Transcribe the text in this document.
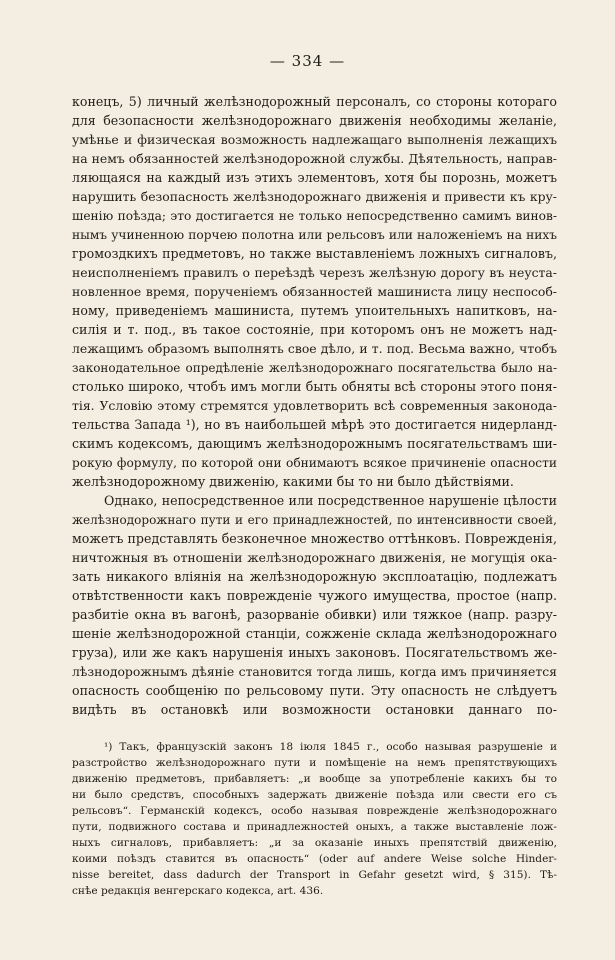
— 334 —
конецъ, 5) личный желѣзнодорожный персоналъ, со стороны котораго
для безопасности желѣзнодорожнаго движенія необходимы желаніе,
умѣнье и физическая возможность надлежащаго выполненія лежащихъ
на немъ обязанностей желѣзнодорожной службы. Дѣятельность, направ-
ляющаяся на каждый изъ этихъ элементовъ, хотя бы порознь, можетъ
нарушить безопасность желѣзнодорожнаго движенія и привести къ кру-
шенію поѣзда; это достигается не только непосредственно самимъ винов-
нымъ учиненною порчею полотна или рельсовъ или наложеніемъ на нихъ
громоздкихъ предметовъ, но также выставленіемъ ложныхъ сигналовъ,
неисполненіемъ правилъ о переѣздѣ черезъ желѣзную дорогу въ неуста-
новленное время, порученіемъ обязанностей машиниста лицу неспособ-
ному, приведеніемъ машиниста, путемъ упоительныхъ напитковъ, на-
силія и т. под., въ такое состояніе, при которомъ онъ не можетъ над-
лежащимъ образомъ выполнять свое дѣло, и т. под. Весьма важно, чтобъ
законодательное опредѣленіе желѣзнодорожнаго посягательства было на-
столько широко, чтобъ имъ могли быть обняты всѣ стороны этого поня-
тія. Условію этому стремятся удовлетворить всѣ современныя законода-
тельства Запада ¹), но въ наибольшей мѣрѣ это достигается нидерланд-
скимъ кодексомъ, дающимъ желѣзнодорожнымъ посягательствамъ ши-
рокую формулу, по которой они обнимаютъ всякое причиненіе опасности
желѣзнодорожному движенію, какими бы то ни было дѣйствіями.
Однако, непосредственное или посредственное нарушеніе цѣлости
желѣзнодорожнаго пути и его принадлежностей, по интенсивности своей,
можетъ представлять безконечное множество оттѣнковъ. Поврежденія,
ничтожныя въ отношеніи желѣзнодорожнаго движенія, не могущія ока-
зать никакого вліянія на желѣзнодорожную эксплоатацію, подлежатъ
отвѣтственности какъ поврежденіе чужого имущества, простое (напр.
разбитіе окна въ вагонѣ, разорваніе обивки) или тяжкое (напр. разру-
шеніе желѣзнодорожной станціи, сожженіе склада желѣзнодорожнаго
груза), или же какъ нарушенія иныхъ законовъ. Посягательствомъ же-
лѣзнодорожнымъ дѣяніе становится тогда лишь, когда имъ причиняется
опасность сообщенію по рельсовому пути. Эту опасность не слѣдуетъ
видѣть въ остановкѣ или возможности остановки даннаго по-
¹) Такъ, французскій законъ 18 іюля 1845 г., особо называя разрушеніе и
разстройство желѣзнодорожнаго пути и помѣщеніе на немъ препятствующихъ
движенію предметовъ, прибавляетъ: „и вообще за употребленіе какихъ бы то
ни было средствъ, способныхъ задержать движеніе поѣзда или свести его съ
рельсовъ“. Германскій кодексъ, особо называя поврежденіе желѣзнодорожнаго
пути, подвижного состава и принадлежностей оныхъ, а также выставленіе лож-
ныхъ сигналовъ, прибавляетъ: „и за оказаніе иныхъ препятствій движенію,
коими поѣздъ ставится въ опасность“ (oder auf andere Weise solche Hinder-
nisse bereitet, dass dadurch der Transport in Gefahr gesetzt wird, § 315). Тѣ-
снѣе редакція венгерскаго кодекса, art. 436.
